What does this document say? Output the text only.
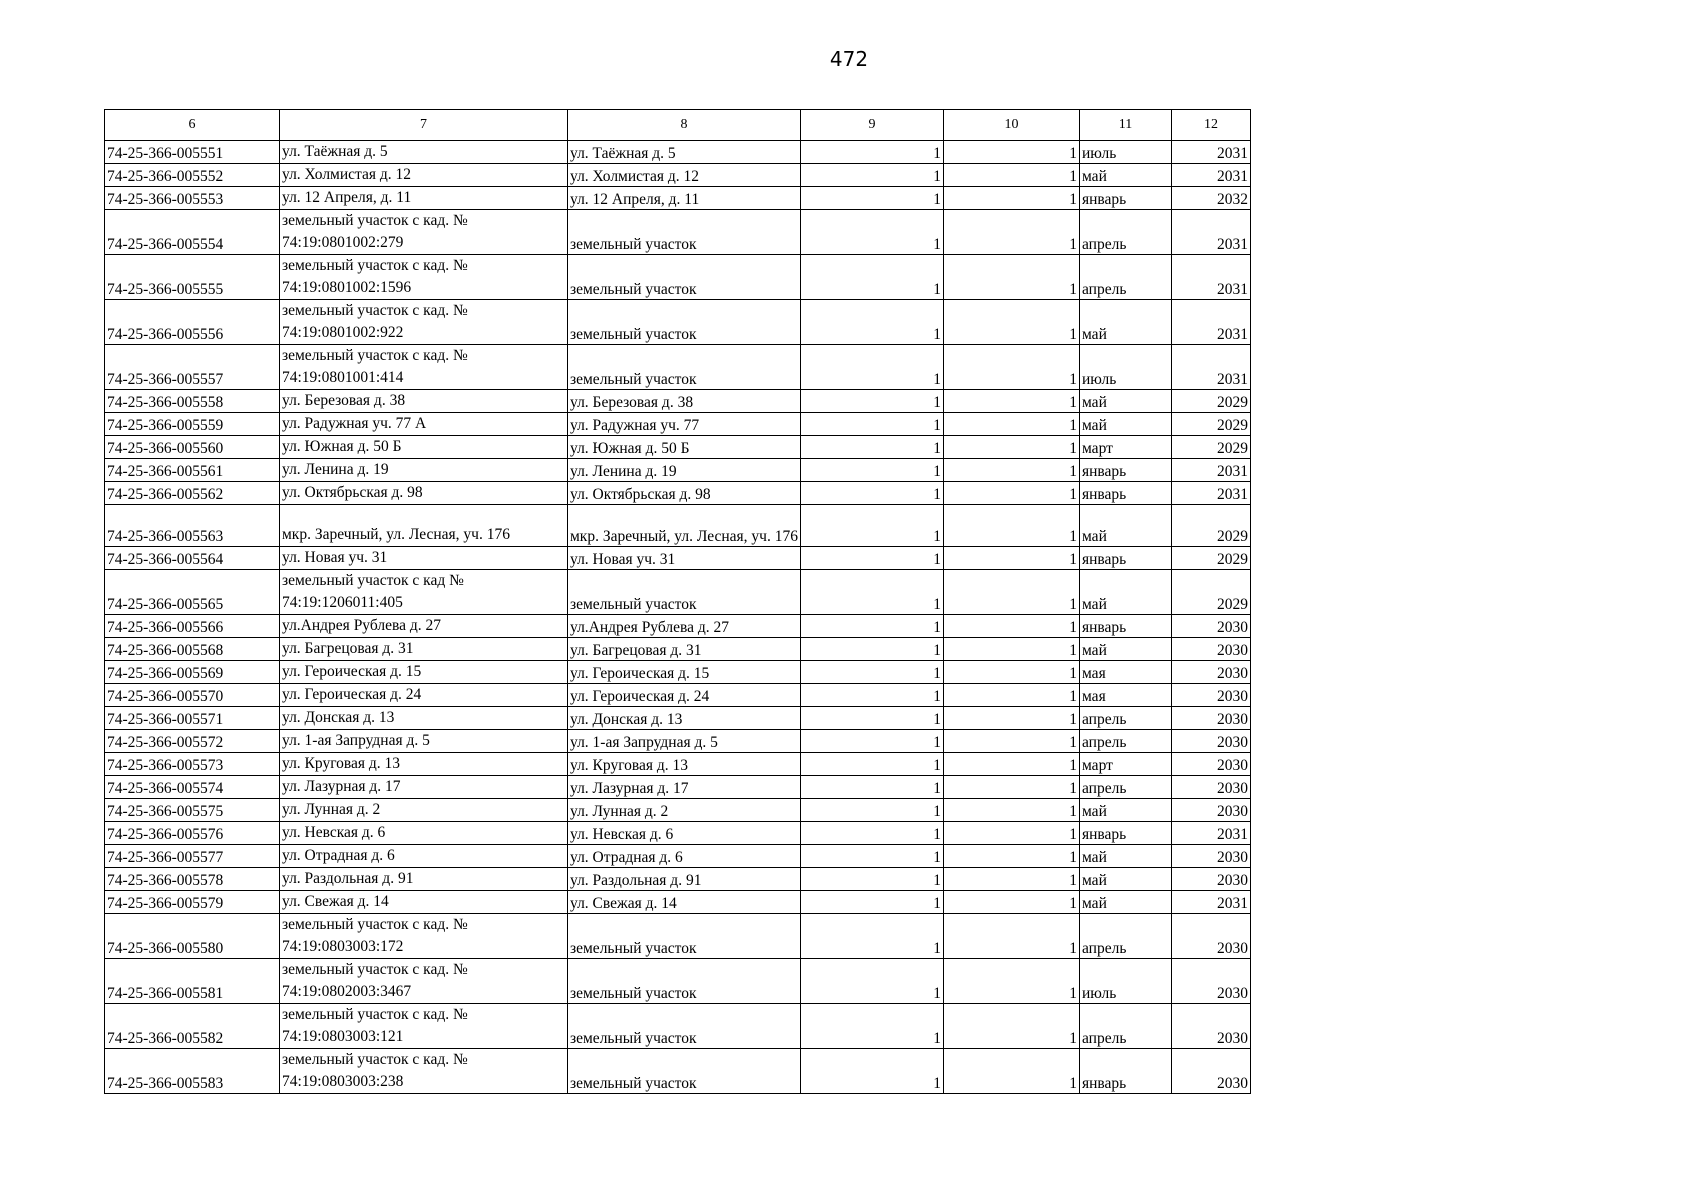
472
6	7	8	9	10	11	12
74-25-366-005551	ул. Таёжная д. 5	ул. Таёжная д. 5	1	1	июль	2031
74-25-366-005552	ул. Холмистая д. 12	ул. Холмистая д. 12	1	1	май	2031
74-25-366-005553	ул. 12 Апреля, д. 11	ул. 12 Апреля, д. 11	1	1	январь	2032
74-25-366-005554	земельный участок с кад. № 74:19:0801002:279	земельный участок	1	1	апрель	2031
74-25-366-005555	земельный участок с кад. № 74:19:0801002:1596	земельный участок	1	1	апрель	2031
74-25-366-005556	земельный участок с кад. № 74:19:0801002:922	земельный участок	1	1	май	2031
74-25-366-005557	земельный участок с кад. № 74:19:0801001:414	земельный участок	1	1	июль	2031
74-25-366-005558	ул. Березовая д. 38	ул. Березовая д. 38	1	1	май	2029
74-25-366-005559	ул. Радужная уч. 77 А	ул. Радужная уч. 77	1	1	май	2029
74-25-366-005560	ул. Южная д. 50 Б	ул. Южная д. 50 Б	1	1	март	2029
74-25-366-005561	ул. Ленина д. 19	ул. Ленина д. 19	1	1	январь	2031
74-25-366-005562	ул. Октябрьская д. 98	ул. Октябрьская д. 98	1	1	январь	2031
74-25-366-005563	мкр. Заречный, ул. Лесная, уч. 176	мкр. Заречный, ул. Лесная, уч. 176	1	1	май	2029
74-25-366-005564	ул. Новая уч. 31	ул. Новая уч. 31	1	1	январь	2029
74-25-366-005565	земельный участок с кад № 74:19:1206011:405	земельный участок	1	1	май	2029
74-25-366-005566	ул.Андрея Рублева д. 27	ул.Андрея Рублева д. 27	1	1	январь	2030
74-25-366-005568	ул. Багрецовая д. 31	ул. Багрецовая д. 31	1	1	май	2030
74-25-366-005569	ул. Героическая д. 15	ул. Героическая д. 15	1	1	мая	2030
74-25-366-005570	ул. Героическая д. 24	ул. Героическая д. 24	1	1	мая	2030
74-25-366-005571	ул. Донская д. 13	ул. Донская д. 13	1	1	апрель	2030
74-25-366-005572	ул. 1-ая Запрудная д. 5	ул. 1-ая Запрудная д. 5	1	1	апрель	2030
74-25-366-005573	ул. Круговая д. 13	ул. Круговая д. 13	1	1	март	2030
74-25-366-005574	ул. Лазурная д. 17	ул. Лазурная д. 17	1	1	апрель	2030
74-25-366-005575	ул. Лунная д. 2	ул. Лунная д. 2	1	1	май	2030
74-25-366-005576	ул. Невская д. 6	ул. Невская д. 6	1	1	январь	2031
74-25-366-005577	ул. Отрадная д. 6	ул. Отрадная д. 6	1	1	май	2030
74-25-366-005578	ул. Раздольная д. 91	ул. Раздольная д. 91	1	1	май	2030
74-25-366-005579	ул. Свежая д. 14	ул. Свежая д. 14	1	1	май	2031
74-25-366-005580	земельный участок с кад. № 74:19:0803003:172	земельный участок	1	1	апрель	2030
74-25-366-005581	земельный участок с кад. № 74:19:0802003:3467	земельный участок	1	1	июль	2030
74-25-366-005582	земельный участок с кад. № 74:19:0803003:121	земельный участок	1	1	апрель	2030
74-25-366-005583	земельный участок с кад. № 74:19:0803003:238	земельный участок	1	1	январь	2030
